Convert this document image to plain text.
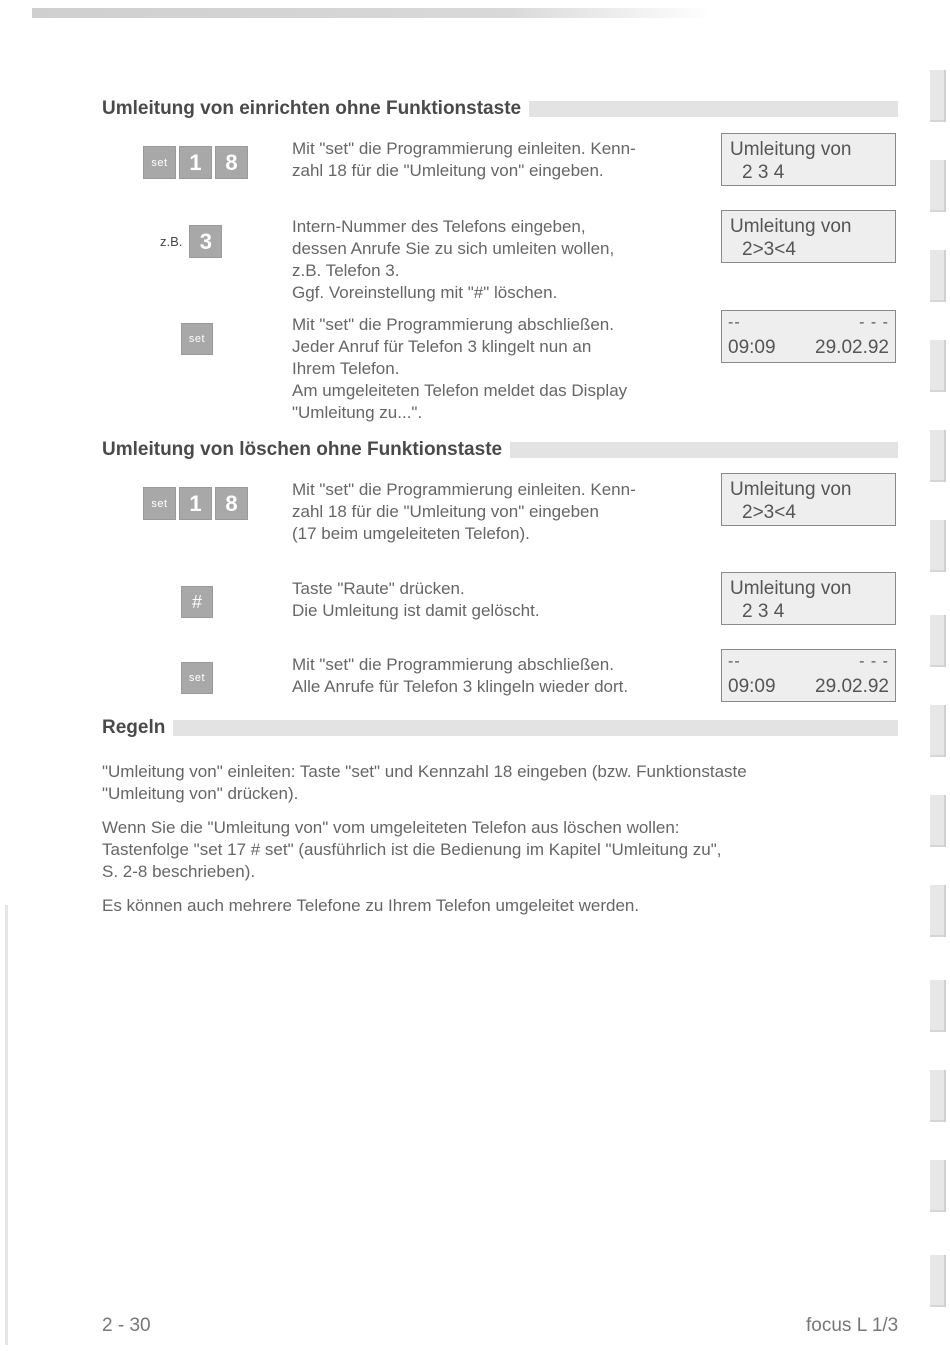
Umleitung von einrichten ohne Funktionstaste
set 1	8

Mit "set" die Programmierung einleiten. Kenn-

zahl 18 für die "Umleitung von" eingeben.

Umleitung von
2 3 4
z.B. 3

Intern-Nummer des Telefons eingeben,

dessen Anrufe Sie zu sich umleiten wollen,

z.B. Telefon 3.

Ggf. Voreinstellung mit "#" löschen.

Umleitung von
2>3<4
set

Mit "set" die Programmierung abschließen.

Jeder Anruf für Telefon 3 klingelt nun an

Ihrem Telefon.

Am umgeleiteten Telefon meldet das Display

"Umleitung zu...".

--	- - -
09:09 29.02.92
Umleitung von löschen ohne Funktionstaste
set 1	8

Mit "set" die Programmierung einleiten. Kenn-

zahl 18 für die "Umleitung von" eingeben

(17 beim umgeleiteten Telefon).

Umleitung von
2>3<4
#

Taste "Raute" drücken.

Die Umleitung ist damit gelöscht.

Umleitung von
2 3 4
set

Mit "set" die Programmierung abschließen.

Alle Anrufe für Telefon 3 klingeln wieder dort.

--	- - -
09:09 29.02.92
Regeln

"Umleitung von" einleiten: Taste "set" und Kennzahl 18 eingeben (bzw. Funktionstaste
"Umleitung von" drücken).

Wenn Sie die "Umleitung von" vom umgeleiteten Telefon aus löschen wollen:
Tastenfolge "set 17 # set" (ausführlich ist die Bedienung im Kapitel "Umleitung zu",
S. 2-8 beschrieben).

Es können auch mehrere Telefone zu Ihrem Telefon umgeleitet werden.

2 - 30	focus L 1/3
